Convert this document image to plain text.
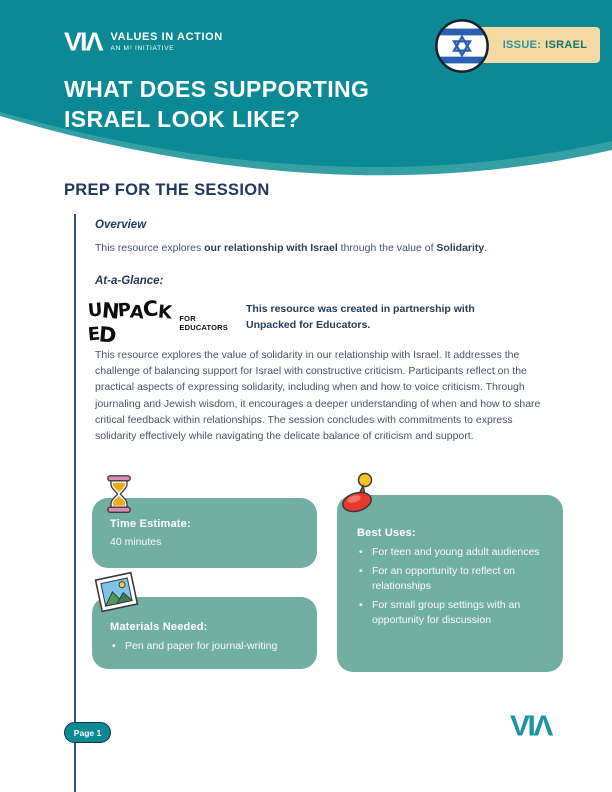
VIΛ VALUES IN ACTION
AN M² INITIATIVE
WHAT DOES SUPPORTING
ISRAEL LOOK LIKE?
ISSUE: ISRAEL
PREP FOR THE SESSION
Overview
This resource explores our relationship with Israel through the value of Solidarity.
At-a-Glance:
UNPACKED
FOR
EDUCATORS
This resource was created in partnership with
Unpacked for Educators.
This resource explores the value of solidarity in our relationship with Israel. It addresses the challenge of balancing support for Israel with constructive criticism. Participants reflect on the practical aspects of expressing solidarity, including when and how to voice criticism. Through journaling and Jewish wisdom, it encourages a deeper understanding of when and how to share critical feedback within relationships. The session concludes with commitments to express solidarity effectively while navigating the delicate balance of criticism and support.
Time Estimate:
40 minutes
Materials Needed:
• Pen and paper for journal-writing
Best Uses:
• For teen and young adult audiences
• For an opportunity to reflect on relationships
• For small group settings with an opportunity for discussion
Page 1	VIΛ
